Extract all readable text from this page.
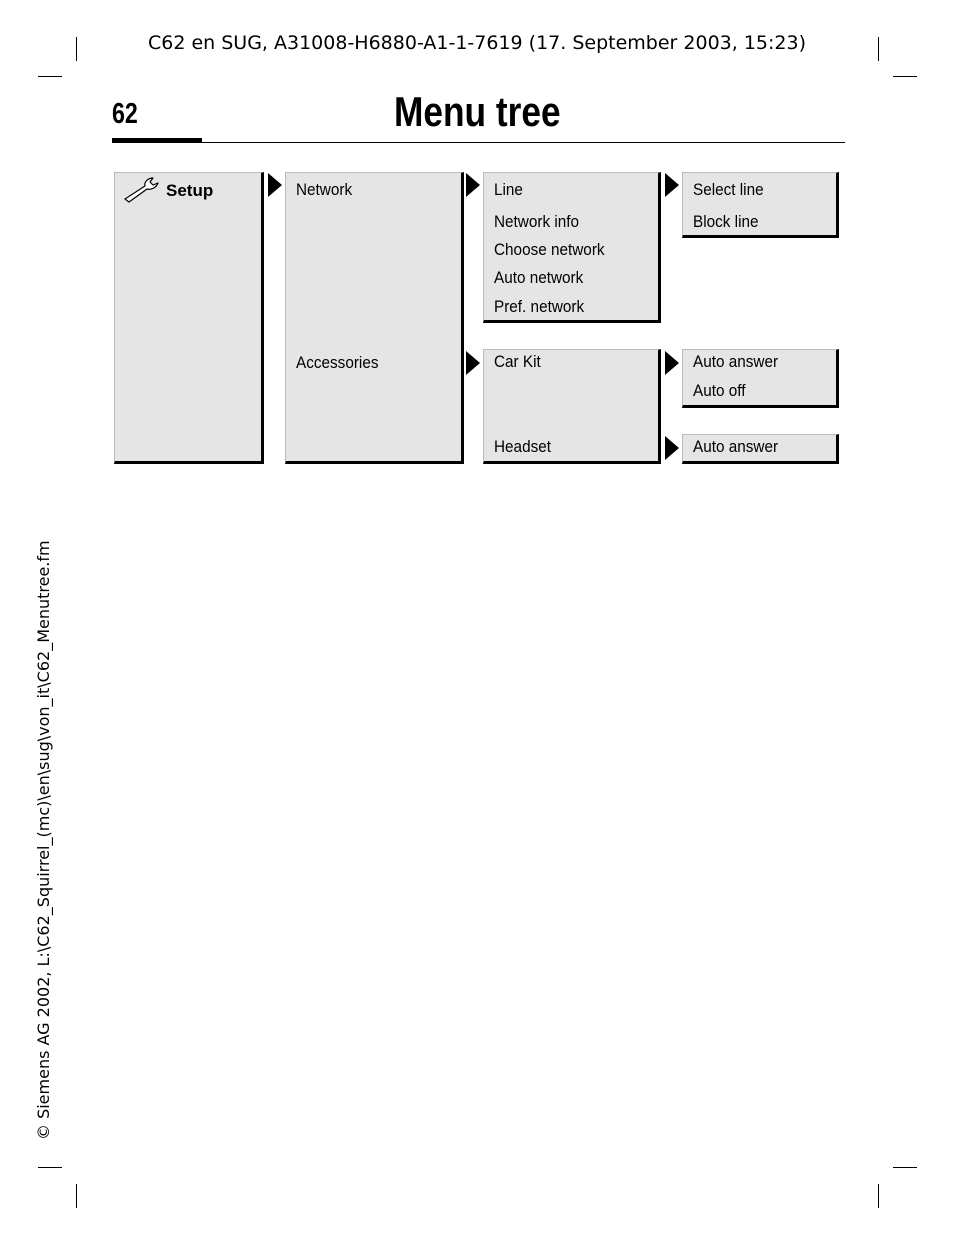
C62 en SUG, A31008-H6880-A1-1-7619 (17. September 2003, 15:23)
62	Menu tree
Setup	Network
Accessories
Line
Network info
Choose network
Auto network
Pref. network
Car Kit
Headset
Select line
Block line
Auto answer
Auto off
Auto answer
© Siemens AG 2002, L:\C62_Squirrel_(mc)\en\sug\von_it\C62_Menutree.fm
